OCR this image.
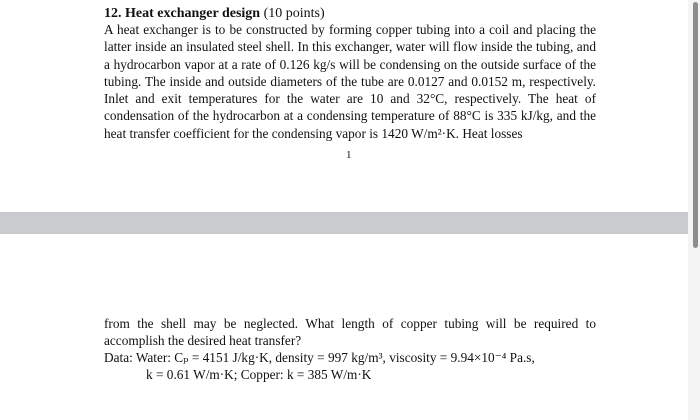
12. Heat exchanger design (10 points)

A heat exchanger is to be constructed by forming copper tubing into a coil and placing the latter inside an insulated steel shell. In this exchanger, water will flow inside the tubing, and a hydrocarbon vapor at a rate of 0.126 kg/s will be condensing on the outside surface of the tubing. The inside and outside diameters of the tube are 0.0127 and 0.0152 m, respectively. Inlet and exit temperatures for the water are 10 and 32°C, respectively. The heat of condensation of the hydrocarbon at a condensing temperature of 88°C is 335 kJ/kg, and the heat transfer coefficient for the condensing vapor is 1420 W/m²·K. Heat losses

1

from the shell may be neglected. What length of copper tubing will be required to accomplish the desired heat transfer?

Data: Water: Cₚ = 4151 J/kg·K, density = 997 kg/m³, viscosity = 9.94×10⁻⁴ Pa.s,
k = 0.61 W/m·K; Copper: k = 385 W/m·K
